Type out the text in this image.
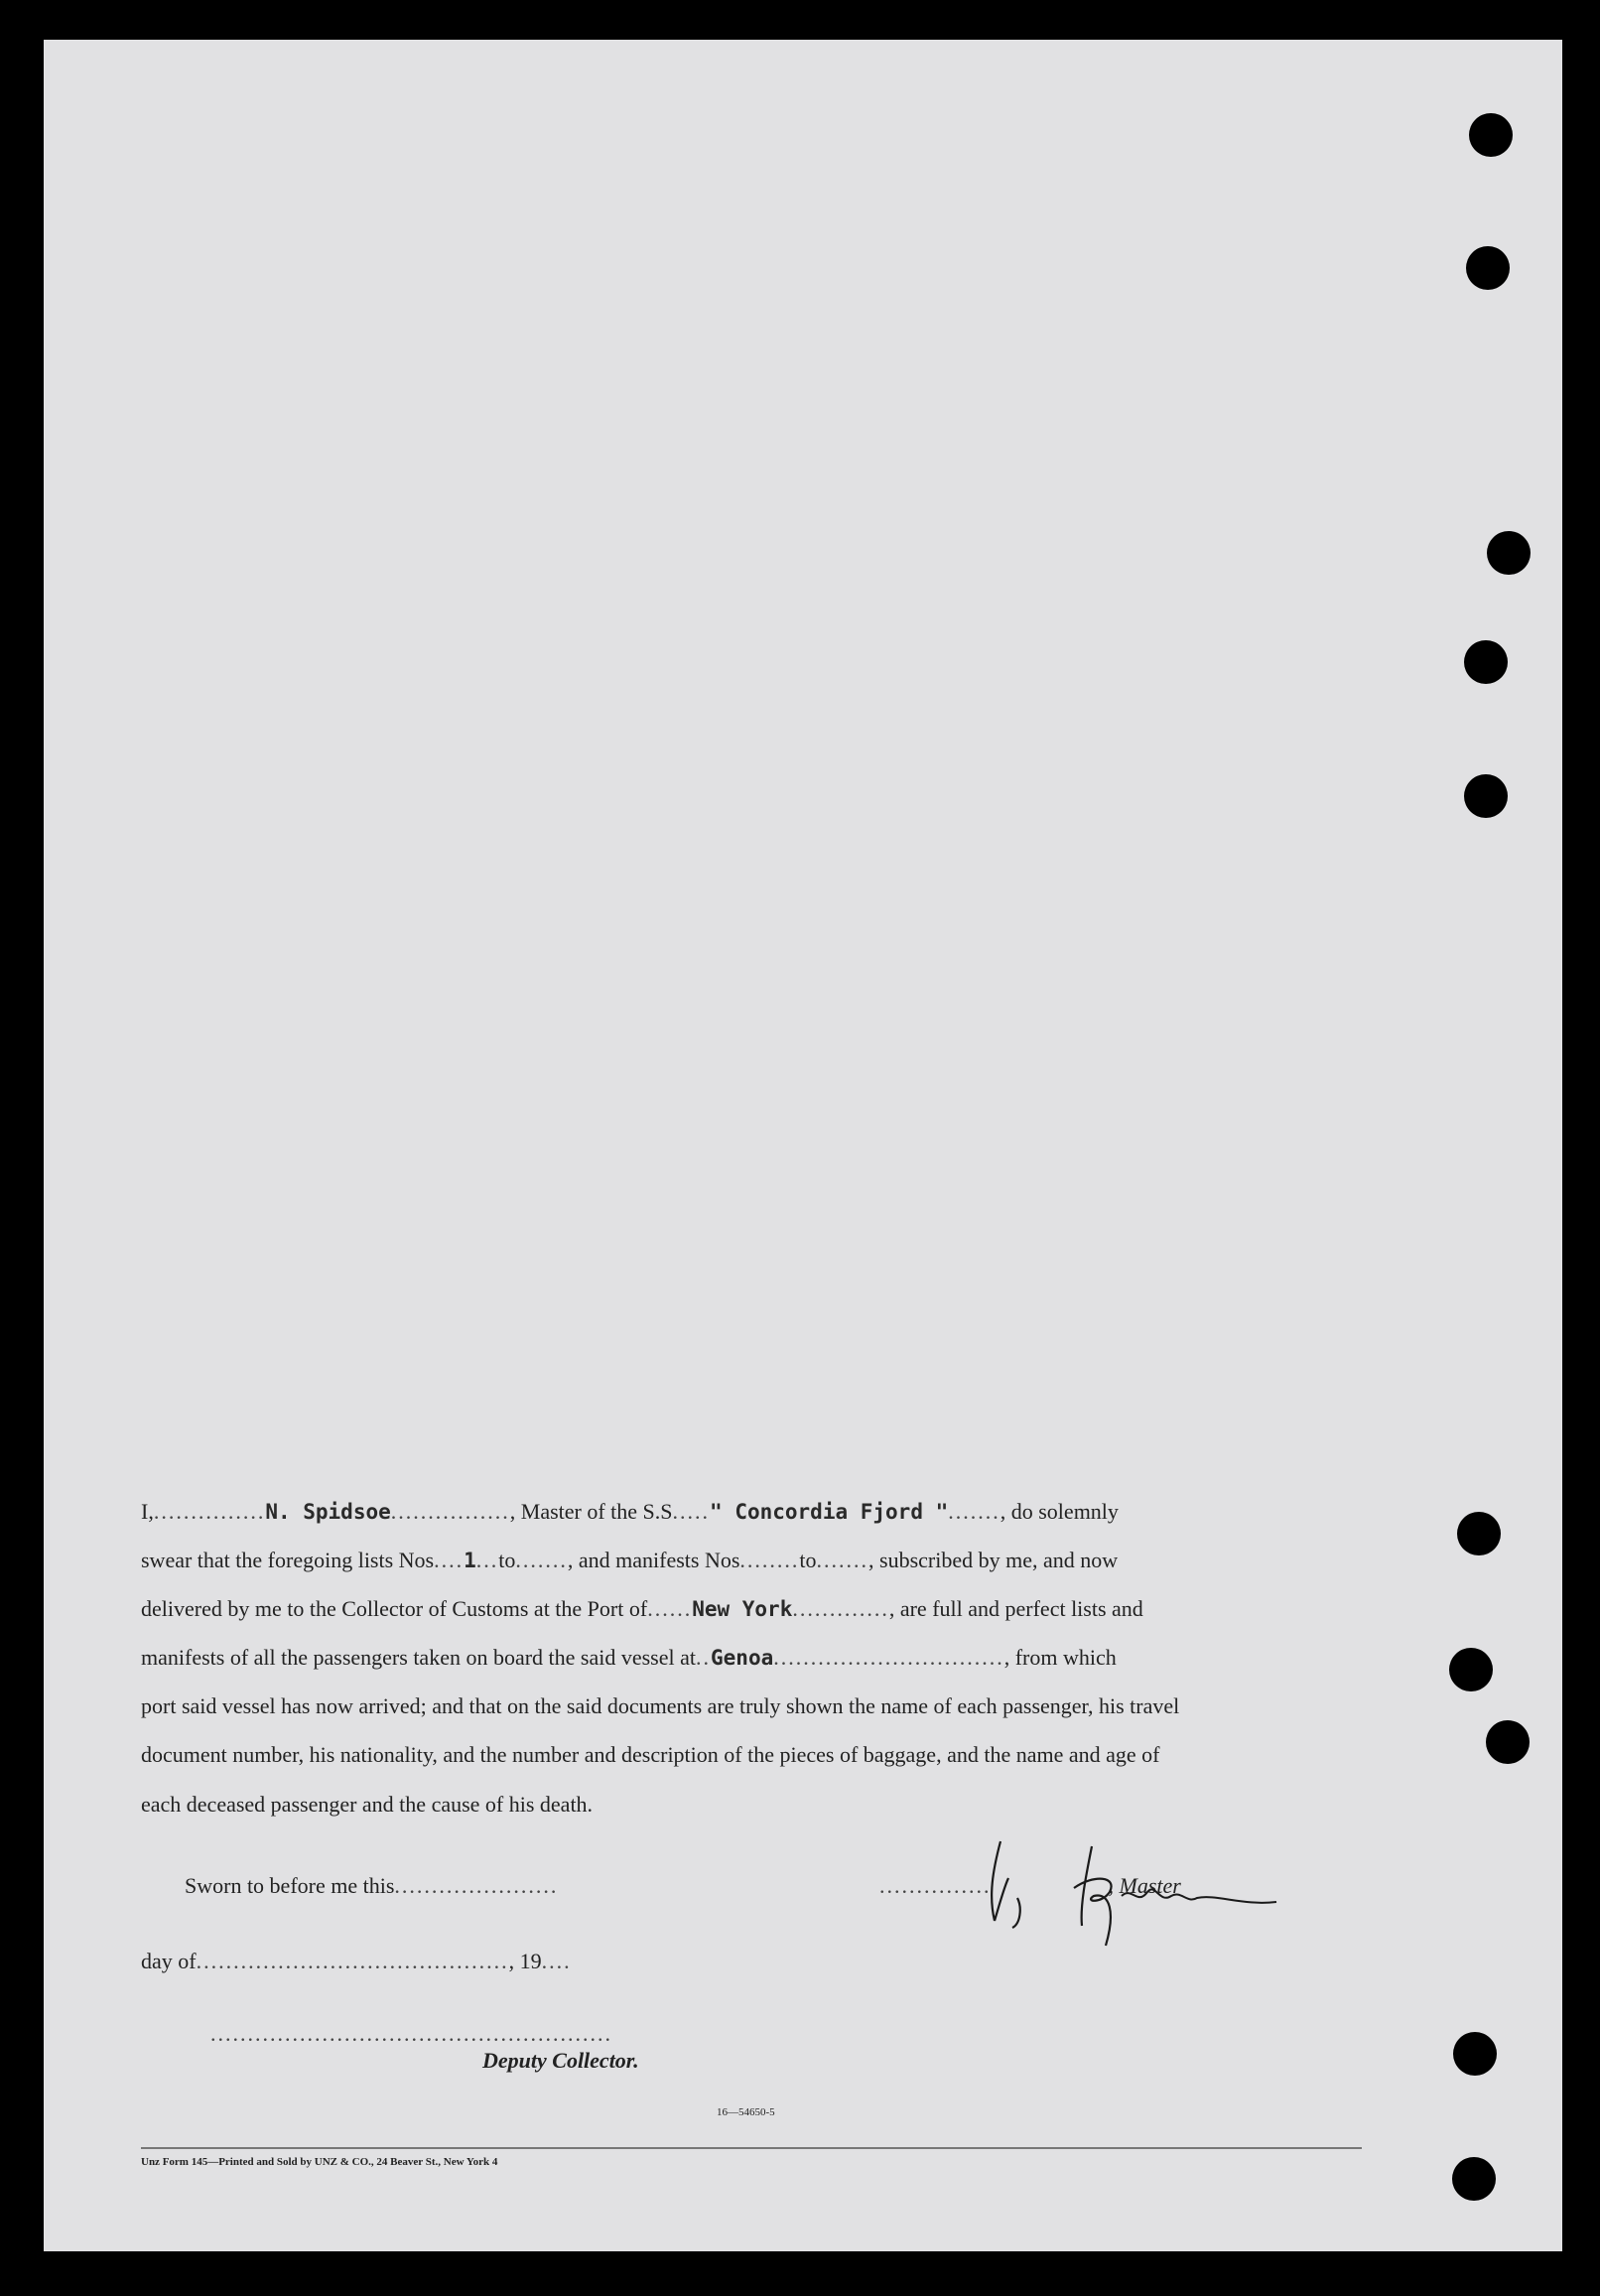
I,...............N. Spidsoe................, Master of the S.S....." Concordia Fjord "......., do solemnly
swear that the foregoing lists Nos....1...to......., and manifests Nos........to......., subscribed by me, and now
delivered by me to the Collector of Customs at the Port of......New York............., are full and perfect lists and
manifests of all the passengers taken on board the said vessel at..Genoa..............................., from which
port said vessel has now arrived; and that on the said documents are truly shown the name of each passenger, his travel
document number, his nationality, and the number and description of the pieces of baggage, and the name and age of
each deceased passenger and the cause of his death.
Sworn to before me this......................	...............	, Master
day of.........................................., 19....
......................................................
Deputy Collector.
16—54650-5
Unz Form 145—Printed and Sold by UNZ & CO., 24 Beaver St., New York 4
